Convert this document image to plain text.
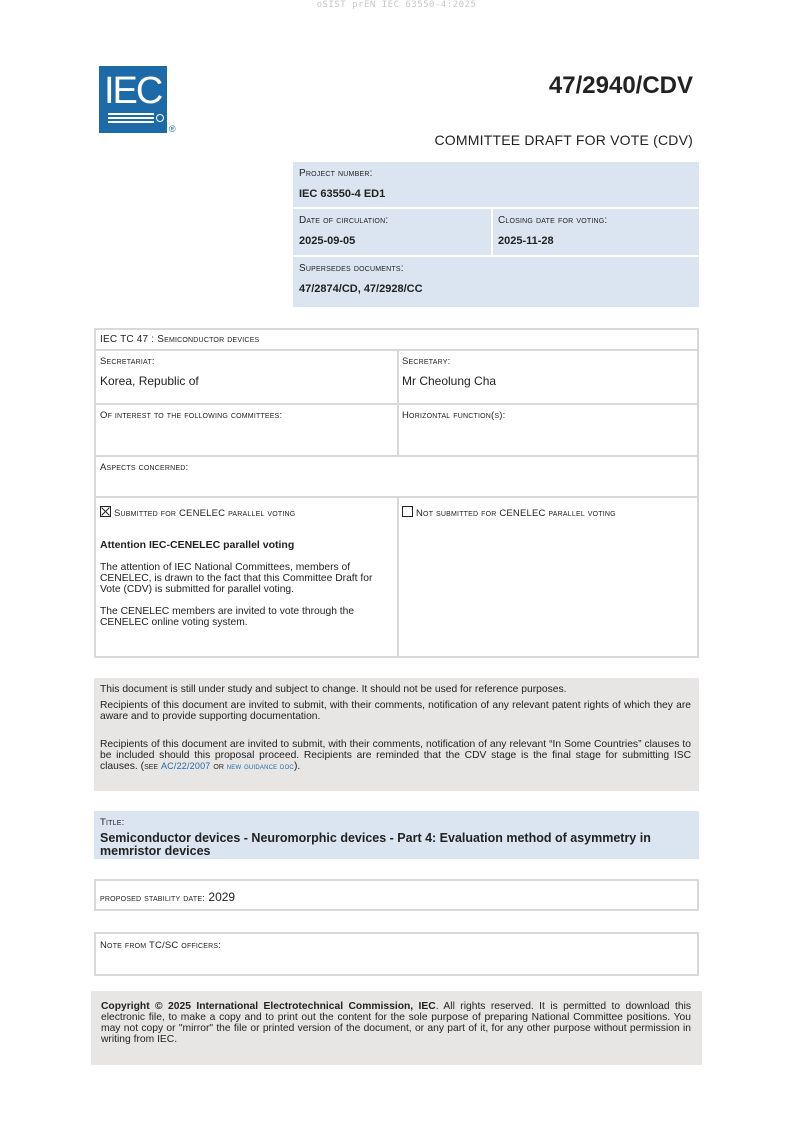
oSIST prEN IEC 63550-4:2025
IEC
®
47/2940/CDV
COMMITTEE DRAFT FOR VOTE (CDV)
Project number:
IEC 63550-4 ED1
Date of circulation:
2025-09-05
Closing date for voting:
2025-11-28
Supersedes documents:
47/2874/CD, 47/2928/CC
IEC TC 47 : Semiconductor devices
Secretariat:
Korea, Republic of
Secretary:
Mr Cheolung Cha
Of interest to the following committees:	Horizontal function(s):
Aspects concerned:
Submitted for CENELEC parallel voting
Attention IEC-CENELEC parallel voting
The attention of IEC National Committees, members of CENELEC, is drawn to the fact that this Committee Draft for Vote (CDV) is submitted for parallel voting.
The CENELEC members are invited to vote through the CENELEC online voting system.
Not submitted for CENELEC parallel voting
This document is still under study and subject to change. It should not be used for reference purposes.
Recipients of this document are invited to submit, with their comments, notification of any relevant patent rights of which they are aware and to provide supporting documentation.
Recipients of this document are invited to submit, with their comments, notification of any relevant “In Some Countries” clauses to be included should this proposal proceed. Recipients are reminded that the CDV stage is the final stage for submitting ISC clauses. (see AC/22/2007 or new guidance doc).
Title:
Semiconductor devices - Neuromorphic devices - Part 4: Evaluation method of asymmetry in memristor devices
proposed stability date: 2029
Note from TC/SC officers:
Copyright © 2025 International Electrotechnical Commission, IEC. All rights reserved. It is permitted to download this electronic file, to make a copy and to print out the content for the sole purpose of preparing National Committee positions. You may not copy or "mirror" the file or printed version of the document, or any part of it, for any other purpose without permission in writing from IEC.
